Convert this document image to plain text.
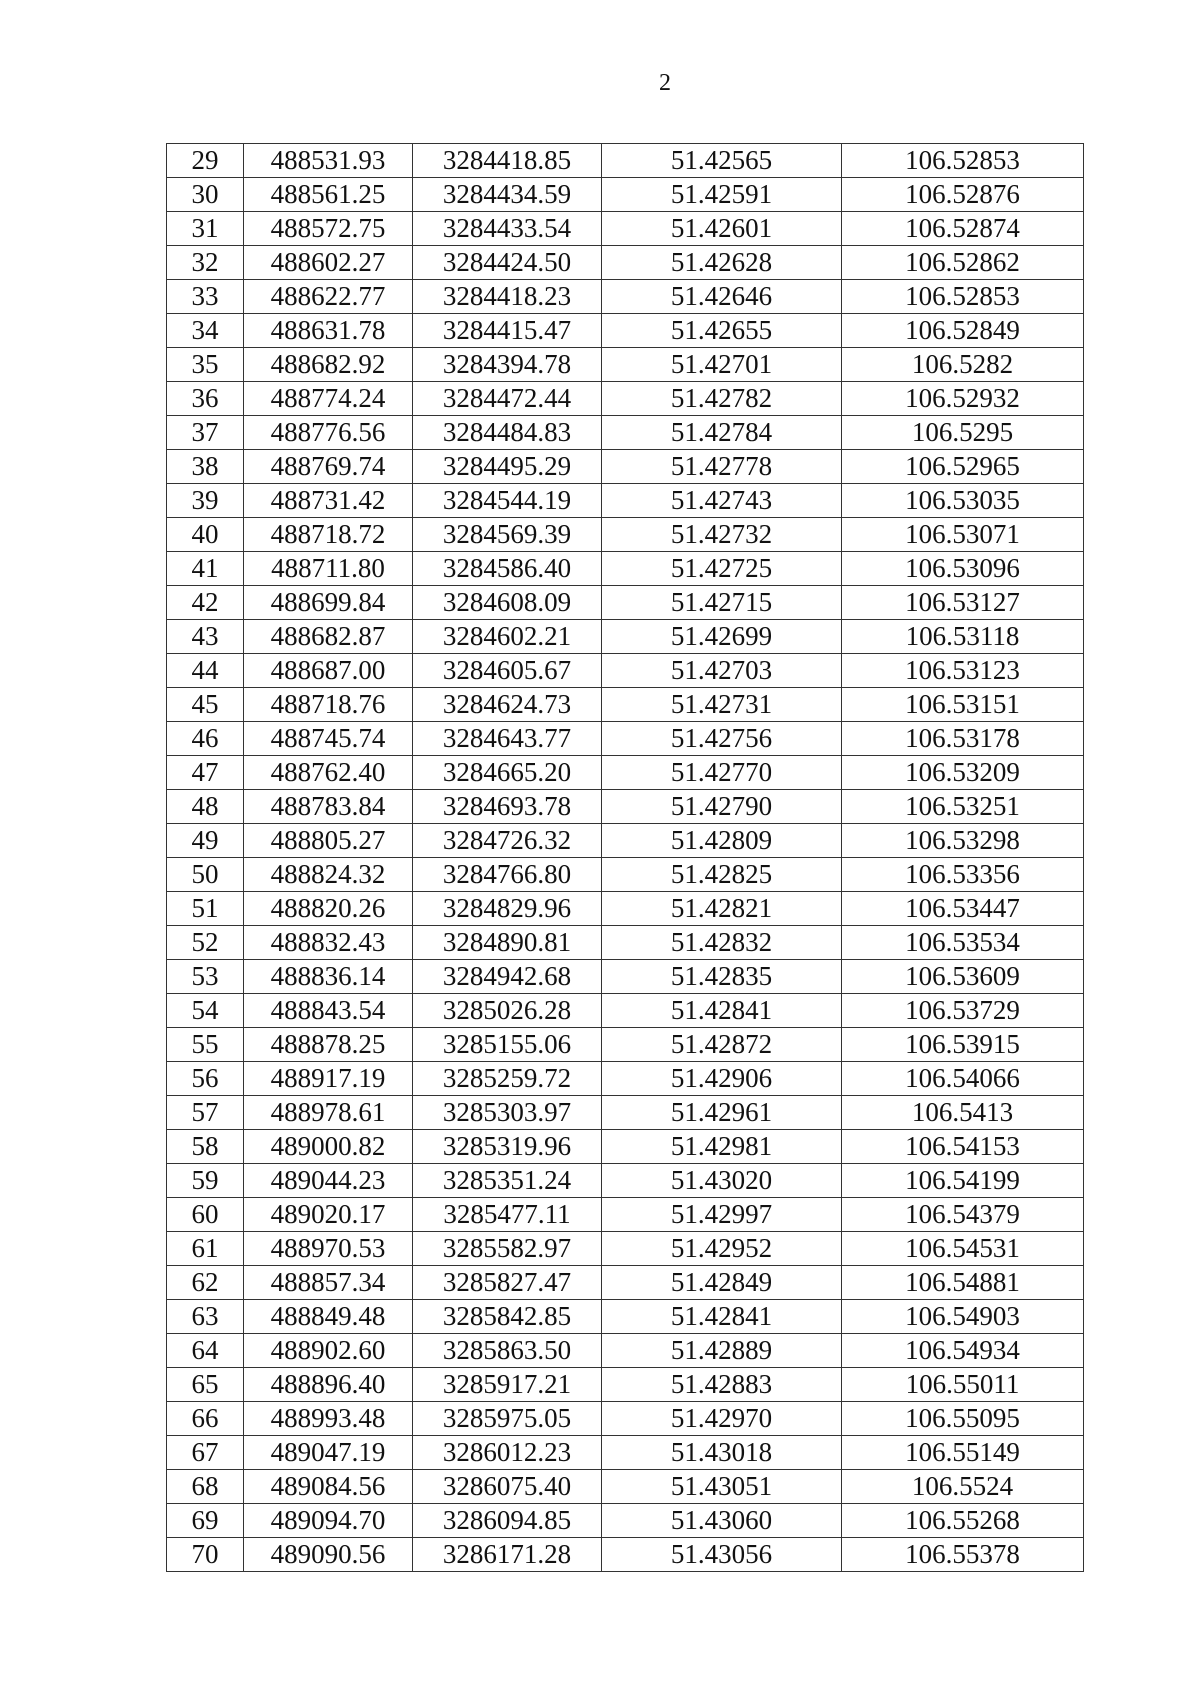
2
29	488531.93	3284418.85	51.42565	106.52853
30	488561.25	3284434.59	51.42591	106.52876
31	488572.75	3284433.54	51.42601	106.52874
32	488602.27	3284424.50	51.42628	106.52862
33	488622.77	3284418.23	51.42646	106.52853
34	488631.78	3284415.47	51.42655	106.52849
35	488682.92	3284394.78	51.42701	106.5282
36	488774.24	3284472.44	51.42782	106.52932
37	488776.56	3284484.83	51.42784	106.5295
38	488769.74	3284495.29	51.42778	106.52965
39	488731.42	3284544.19	51.42743	106.53035
40	488718.72	3284569.39	51.42732	106.53071
41	488711.80	3284586.40	51.42725	106.53096
42	488699.84	3284608.09	51.42715	106.53127
43	488682.87	3284602.21	51.42699	106.53118
44	488687.00	3284605.67	51.42703	106.53123
45	488718.76	3284624.73	51.42731	106.53151
46	488745.74	3284643.77	51.42756	106.53178
47	488762.40	3284665.20	51.42770	106.53209
48	488783.84	3284693.78	51.42790	106.53251
49	488805.27	3284726.32	51.42809	106.53298
50	488824.32	3284766.80	51.42825	106.53356
51	488820.26	3284829.96	51.42821	106.53447
52	488832.43	3284890.81	51.42832	106.53534
53	488836.14	3284942.68	51.42835	106.53609
54	488843.54	3285026.28	51.42841	106.53729
55	488878.25	3285155.06	51.42872	106.53915
56	488917.19	3285259.72	51.42906	106.54066
57	488978.61	3285303.97	51.42961	106.5413
58	489000.82	3285319.96	51.42981	106.54153
59	489044.23	3285351.24	51.43020	106.54199
60	489020.17	3285477.11	51.42997	106.54379
61	488970.53	3285582.97	51.42952	106.54531
62	488857.34	3285827.47	51.42849	106.54881
63	488849.48	3285842.85	51.42841	106.54903
64	488902.60	3285863.50	51.42889	106.54934
65	488896.40	3285917.21	51.42883	106.55011
66	488993.48	3285975.05	51.42970	106.55095
67	489047.19	3286012.23	51.43018	106.55149
68	489084.56	3286075.40	51.43051	106.5524
69	489094.70	3286094.85	51.43060	106.55268
70	489090.56	3286171.28	51.43056	106.55378
